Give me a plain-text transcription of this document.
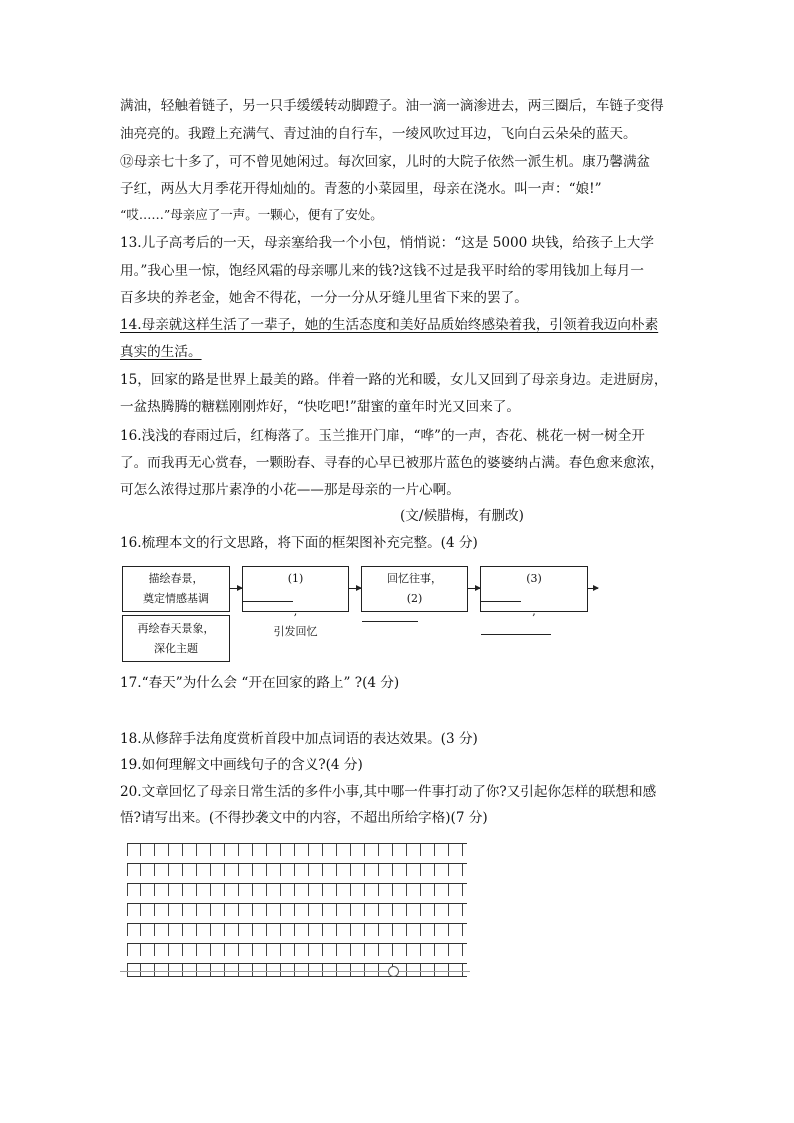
满油，轻触着链子，另一只手缓缓转动脚蹬子。油一滴一滴渗进去，两三圈后，车链子变得
油亮亮的。我蹬上充满气、青过油的自行车，一绫风吹过耳边，飞向白云朵朵的蓝天。
⑫母亲七十多了，可不曾见她闲过。每次回家，儿时的大院子依然一派生机。康乃馨满盆
子红，两丛大月季花开得灿灿的。青葱的小菜园里，母亲在浇水。叫一声：“娘!”
“哎……”母亲应了一声。一颗心，便有了安处。
13.儿子高考后的一天，母亲塞给我一个小包，悄悄说：“这是 5000 块钱，给孩子上大学
用。”我心里一惊，饱经风霜的母亲哪儿来的钱?这钱不过是我平时给的零用钱加上每月一
百多块的养老金，她舍不得花，一分一分从牙缝儿里省下来的罢了。
14.母亲就这样生活了一辈子，她的生活态度和美好品质始终感染着我，引领着我迈向朴素
真实的生活。
15，回家的路是世界上最美的路。伴着一路的光和暖，女儿又回到了母亲身边。走进厨房，
一盆热腾腾的糖糕刚刚炸好，“快吃吧!”甜蜜的童年时光又回来了。
16.浅浅的春雨过后，红梅落了。玉兰推开门扉，“哗”的一声，杏花、桃花一树一树全开
了。而我再无心赏春，一颗盼春、寻春的心早已被那片蓝色的婆婆纳占满。春色愈来愈浓，
可怎么浓得过那片素净的小花——那是母亲的一片心啊。
(文/候腊梅，有删改)
16.梳理本文的行文思路，将下面的框架图补充完整。(4 分)
描绘春景，
奠定情感基调
(1)
,
引发回忆
回忆往事，
(2)
(3)
,
再绘春天景象，
深化主题
17.“春天”为什么会 “开在回家的路上” ?(4 分)
18.从修辞手法角度赏析首段中加点词语的表达效果。(3 分)
19.如何理解文中画线句子的含义?(4 分)
20.文章回忆了母亲日常生活的多件小事,其中哪一件事打动了你?又引起你怎样的联想和感
悟?请写出来。(不得抄袭文中的内容，不超出所给字格)(7 分)
